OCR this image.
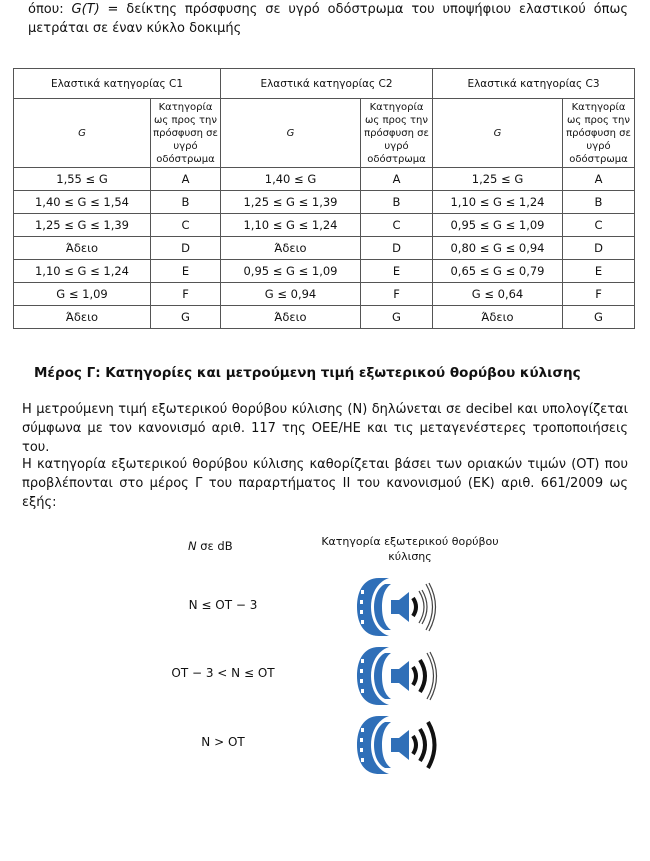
όπου: G(T) = δείκτης πρόσφυσης σε υγρό οδόστρωμα του υποψήφιου ελαστικού όπως μετράται σε έναν κύκλο δοκιμής
Ελαστικά κατηγορίας C1		Ελαστικά κατηγορίας C2		Ελαστικά κατηγορίας C3	
G	Κατηγορία ως προς την πρόσφυση σε υγρό οδόστρωμα	G	Κατηγορία ως προς την πρόσφυση σε υγρό οδόστρωμα	G	Κατηγορία ως προς την πρόσφυση σε υγρό οδόστρωμα
1,55 ≤ G	A	1,40 ≤ G	A	1,25 ≤ G	A
1,40 ≤ G ≤ 1,54	B	1,25 ≤ G ≤ 1,39	B	1,10 ≤ G ≤ 1,24	B
1,25 ≤ G ≤ 1,39	C	1,10 ≤ G ≤ 1,24	C	0,95 ≤ G ≤ 1,09	C
Άδειο	D	Άδειο	D	0,80 ≤ G ≤ 0,94	D
1,10 ≤ G ≤ 1,24	E	0,95 ≤ G ≤ 1,09	E	0,65 ≤ G ≤ 0,79	E
G ≤ 1,09	F	G ≤ 0,94	F	G ≤ 0,64	F
Άδειο	G	Άδειο	G	Άδειο	G
Μέρος Γ: Κατηγορίες και μετρούμενη τιμή εξωτερικού θορύβου κύλισης
Η μετρούμενη τιμή εξωτερικού θορύβου κύλισης (N) δηλώνεται σε decibel και υπολογίζεται σύμφωνα με τον κανονισμό αριθ. 117 της ΟΕΕ/ΗΕ και τις μεταγενέστερες τροποποιήσεις του.
Η κατηγορία εξωτερικού θορύβου κύλισης καθορίζεται βάσει των οριακών τιμών (ΟΤ) που προβλέπονται στο μέρος Γ του παραρτήματος II του κανονισμού (ΕΚ) αριθ. 661/2009 ως εξής:
N σε dB	Κατηγορία εξωτερικού θορύβου κύλισης
N ≤ OT − 3
OT − 3 < N ≤ OT
N > OT
